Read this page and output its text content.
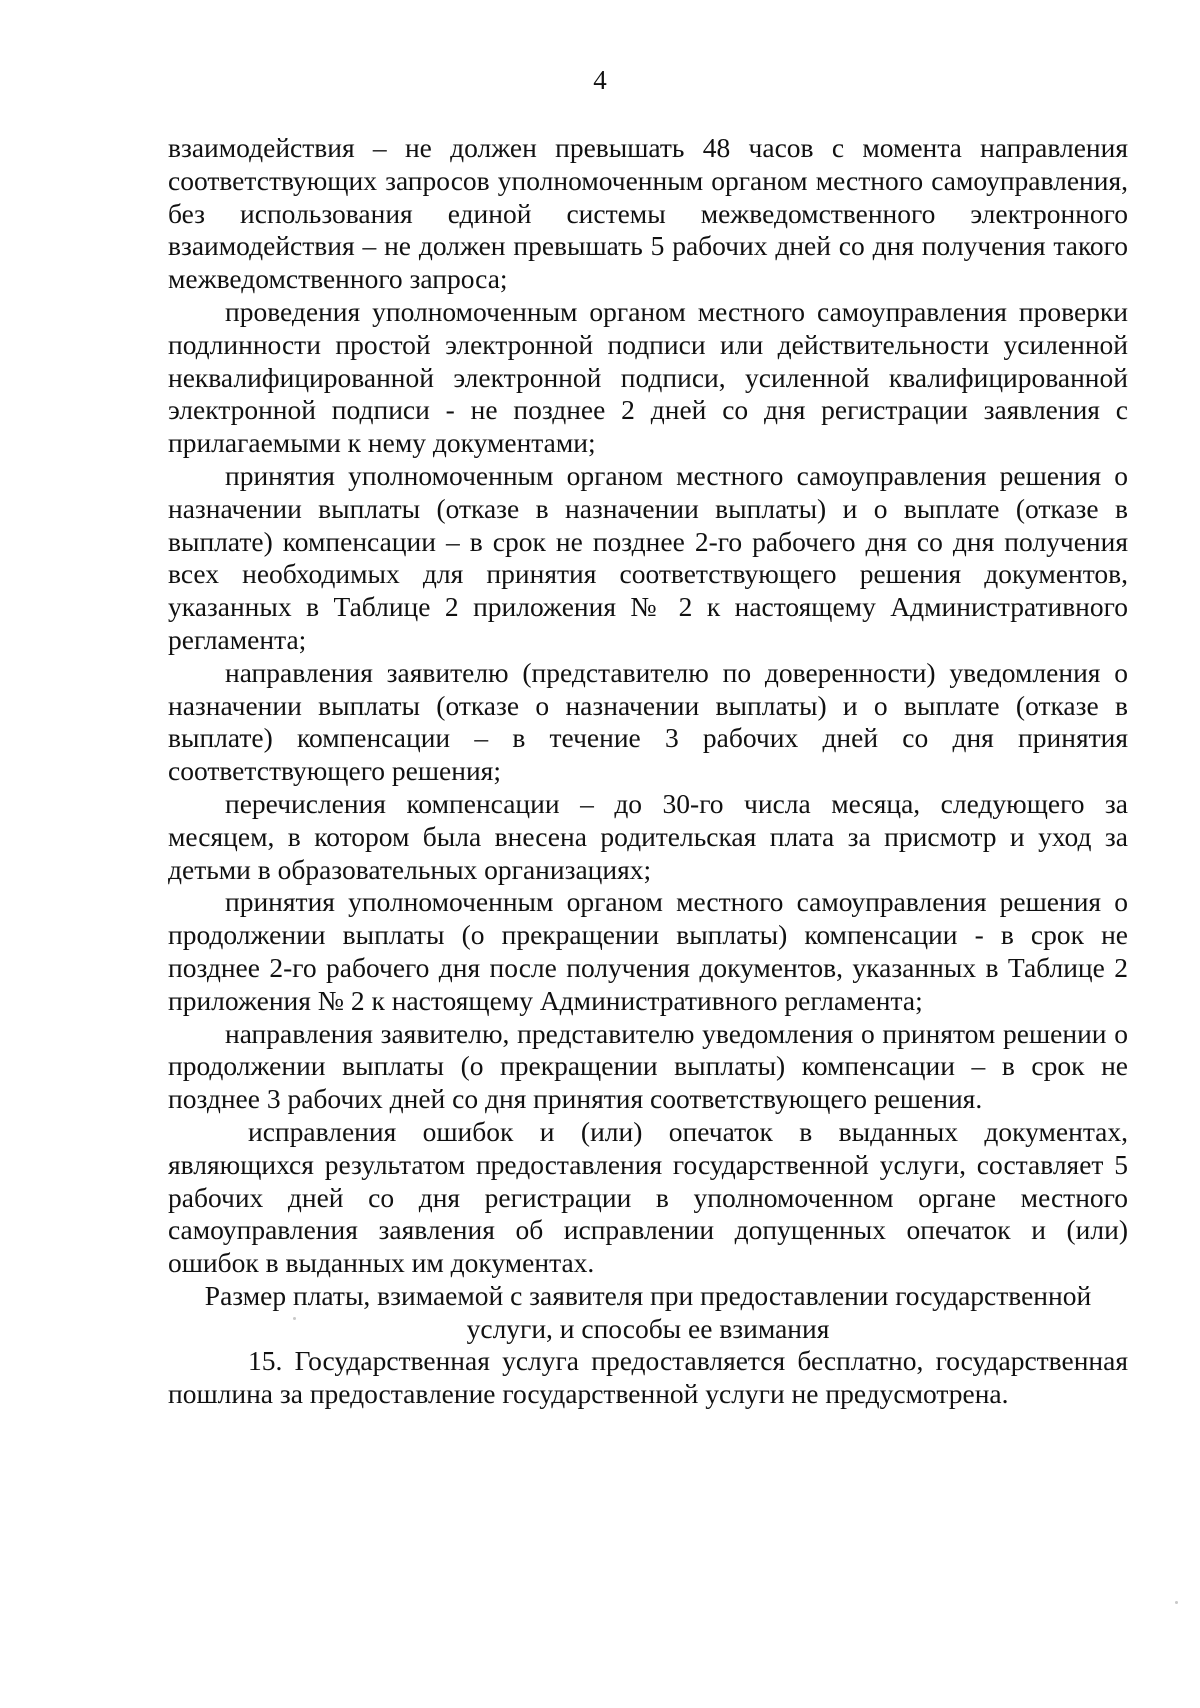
4

взаимодействия – не должен превышать 48 часов с момента направления соответствующих запросов уполномоченным органом местного самоуправления, без использования единой системы межведомственного электронного взаимодействия – не должен превышать 5 рабочих дней со дня получения такого межведомственного запроса;

проведения уполномоченным органом местного самоуправления проверки подлинности простой электронной подписи или действительности усиленной неквалифицированной электронной подписи, усиленной квалифицированной электронной подписи - не позднее 2 дней со дня регистрации заявления с прилагаемыми к нему документами;

принятия уполномоченным органом местного самоуправления решения о назначении выплаты (отказе в назначении выплаты) и о выплате (отказе в выплате) компенсации – в срок не позднее 2-го рабочего дня со дня получения всех необходимых для принятия соответствующего решения документов, указанных в Таблице 2 приложения № 2 к настоящему Административного регламента;

направления заявителю (представителю по доверенности) уведомления о назначении выплаты (отказе о назначении выплаты) и о выплате (отказе в выплате) компенсации – в течение 3 рабочих дней со дня принятия соответствующего решения;

перечисления компенсации – до 30-го числа месяца, следующего за месяцем, в котором была внесена родительская плата за присмотр и уход за детьми в образовательных организациях;

принятия уполномоченным органом местного самоуправления решения о продолжении выплаты (о прекращении выплаты) компенсации - в срок не позднее 2-го рабочего дня после получения документов, указанных в Таблице 2 приложения № 2 к настоящему Административного регламента;

направления заявителю, представителю уведомления о принятом решении о продолжении выплаты (о прекращении выплаты) компенсации – в срок не позднее 3 рабочих дней со дня принятия соответствующего решения.

исправления ошибок и (или) опечаток в выданных документах, являющихся результатом предоставления государственной услуги, составляет 5 рабочих дней со дня регистрации в уполномоченном органе местного самоуправления заявления об исправлении допущенных опечаток и (или) ошибок в выданных им документах.

Размер платы, взимаемой с заявителя при предоставлении государственной услуги, и способы ее взимания

15. Государственная услуга предоставляется бесплатно, государственная пошлина за предоставление государственной услуги не предусмотрена.
